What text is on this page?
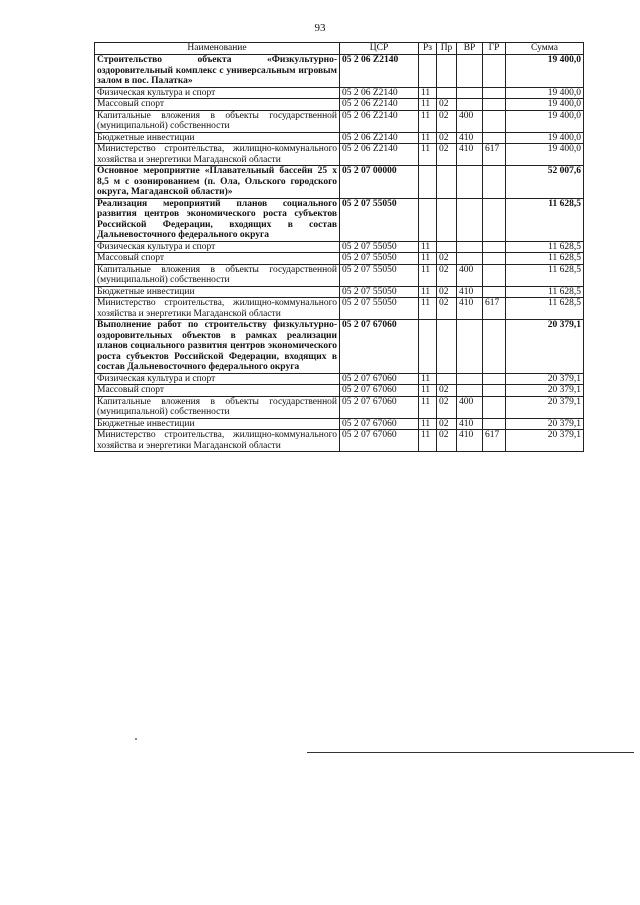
93
Наименование	ЦСР	Рз	Пр	ВР	ГР	Сумма
Строительство объекта «Физкультурно-оздоровительный комплекс с универсальным игровым залом в пос. Палатка»	05 2 06 Z2140					19 400,0
Физическая культура и спорт	05 2 06 Z2140	11				19 400,0
Массовый спорт	05 2 06 Z2140	11	02			19 400,0
Капитальные вложения в объекты государственной (муниципальной) собственности	05 2 06 Z2140	11	02	400		19 400,0
Бюджетные инвестиции	05 2 06 Z2140	11	02	410		19 400,0
Министерство строительства, жилищно-коммунального хозяйства и энергетики Магаданской области	05 2 06 Z2140	11	02	410	617	19 400,0
Основное мероприятие «Плавательный бассейн 25 х 8,5 м с озонированием (п. Ола, Ольского городского округа, Магаданской области)»	05 2 07 00000					52 007,6
Реализация мероприятий планов социального развития центров экономического роста субъектов Российской Федерации, входящих в состав Дальневосточного федерального округа	05 2 07 55050					11 628,5
Физическая культура и спорт	05 2 07 55050	11				11 628,5
Массовый спорт	05 2 07 55050	11	02			11 628,5
Капитальные вложения в объекты государственной (муниципальной) собственности	05 2 07 55050	11	02	400		11 628,5
Бюджетные инвестиции	05 2 07 55050	11	02	410		11 628,5
Министерство строительства, жилищно-коммунального хозяйства и энергетики Магаданской области	05 2 07 55050	11	02	410	617	11 628,5
Выполнение работ по строительству физкультурно-оздоровительных объектов в рамках реализации планов социального развития центров экономического роста субъектов Российской Федерации, входящих в состав Дальневосточного федерального округа	05 2 07 67060					20 379,1
Физическая культура и спорт	05 2 07 67060	11				20 379,1
Массовый спорт	05 2 07 67060	11	02			20 379,1
Капитальные вложения в объекты государственной (муниципальной) собственности	05 2 07 67060	11	02	400		20 379,1
Бюджетные инвестиции	05 2 07 67060	11	02	410		20 379,1
Министерство строительства, жилищно-коммунального хозяйства и энергетики Магаданской области	05 2 07 67060	11	02	410	617	20 379,1
